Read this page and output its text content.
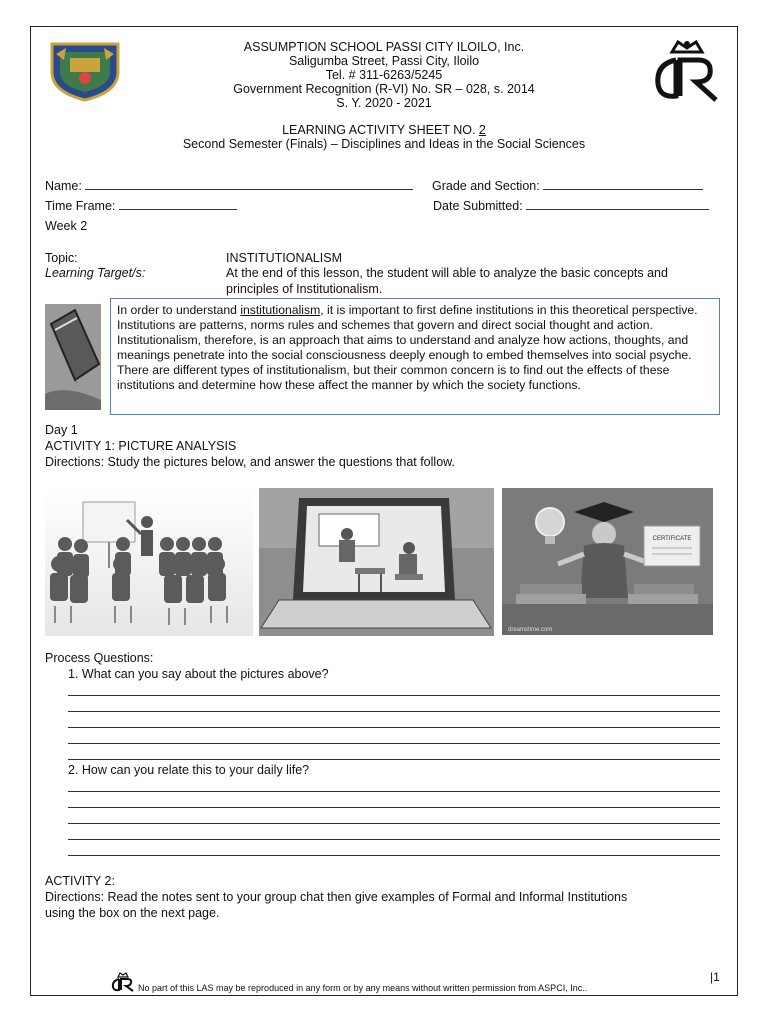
ASSUMPTION SCHOOL PASSI CITY ILOILO, Inc.
Saligumba Street, Passi City, Iloilo
Tel. # 311-6263/5245
Government Recognition (R-VI) No. SR – 028, s. 2014
S. Y. 2020 - 2021
LEARNING ACTIVITY SHEET NO. 2
Second Semester (Finals) – Disciplines and Ideas in the Social Sciences
Name:	Grade and Section:
Time Frame:	Date Submitted:
Week 2
Topic:	INSTITUTIONALISM
Learning Target/s:	At the end of this lesson, the student will able to analyze the basic concepts and
principles of Institutionalism.
In order to understand institutionalism, it is important to first define institutions in this theoretical perspective. Institutions are patterns, norms rules and schemes that govern and direct social thought and action. Institutionalism, therefore, is an approach that aims to understand and analyze how actions, thoughts, and meanings penetrate into the social consciousness deeply enough to embed themselves into social psyche. There are different types of institutionalism, but their common concern is to find out the effects of these institutions and determine how these affect the manner by which the society functions.
Day 1
ACTIVITY 1: PICTURE ANALYSIS
Directions: Study the pictures below, and answer the questions that follow.
CERTIFICATE
dreamstime.com
Process Questions:
1. What can you say about the pictures above?
2. How can you relate this to your daily life?
ACTIVITY 2:
Directions: Read the notes sent to your group chat then give examples of Formal and Informal Institutions
using the box on the next page.
No part of this LAS may be reproduced in any form or by any means without written permission from ASPCI, Inc..
|1
